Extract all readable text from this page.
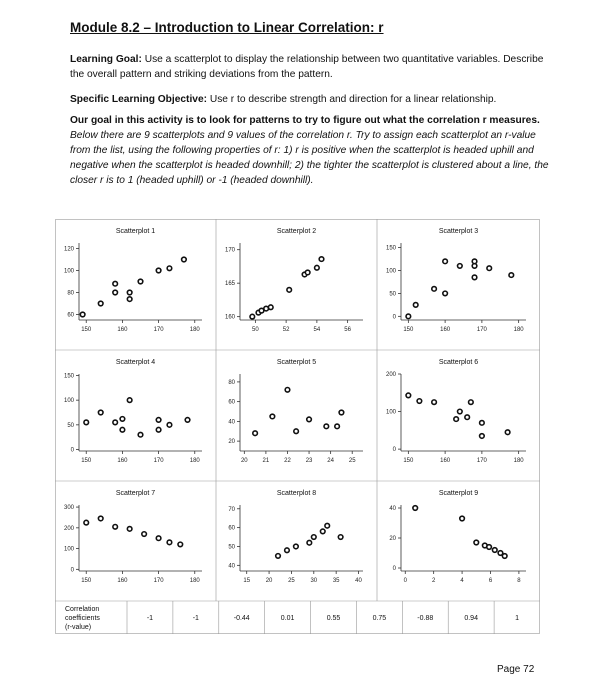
Module 8.2 – Introduction to Linear Correlation: r
Learning Goal: Use a scatterplot to display the relationship between two quantitative variables. Describe the overall pattern and striking deviations from the pattern.
Specific Learning Objective: Use r to describe strength and direction for a linear relationship.
Our goal in this activity is to look for patterns to try to figure out what the correlation r measures. Below there are 9 scatterplots and 9 values of the correlation r. Try to assign each scatterplot an r-value from the list, using the following properties of r: 1) r is positive when the scatterplot is headed uphill and negative when the scatterplot is headed downhill; 2) the tighter the scatterplot is clustered about a line, the closer r is to 1 (headed uphill) or -1 (headed downhill).
Scatterplot 1
150	160	170	180
120
100
80
60
Scatterplot 2
50	52	54	56
170
165
160
Scatterplot 3
150	160	170	180
150
100
50
0
Scatterplot 4
150	160	170	180
150
100
50
0
Scatterplot 5
20 21 22 23 24 25
80
60
40
20
Scatterplot 6
150	160	170	180
200
100
0
Scatterplot 7
150	160	170	180
300
200
100
0
Scatterplot 8
15	20	25	30	35	40
70
60
50
40
Scatterplot 9
0	2	4	6	8
40
20
0
Correlation
coefficients
(r-value)
-1	-1	-0.44	0.01	0.55	0.75	-0.88	0.94	1
Page 72
